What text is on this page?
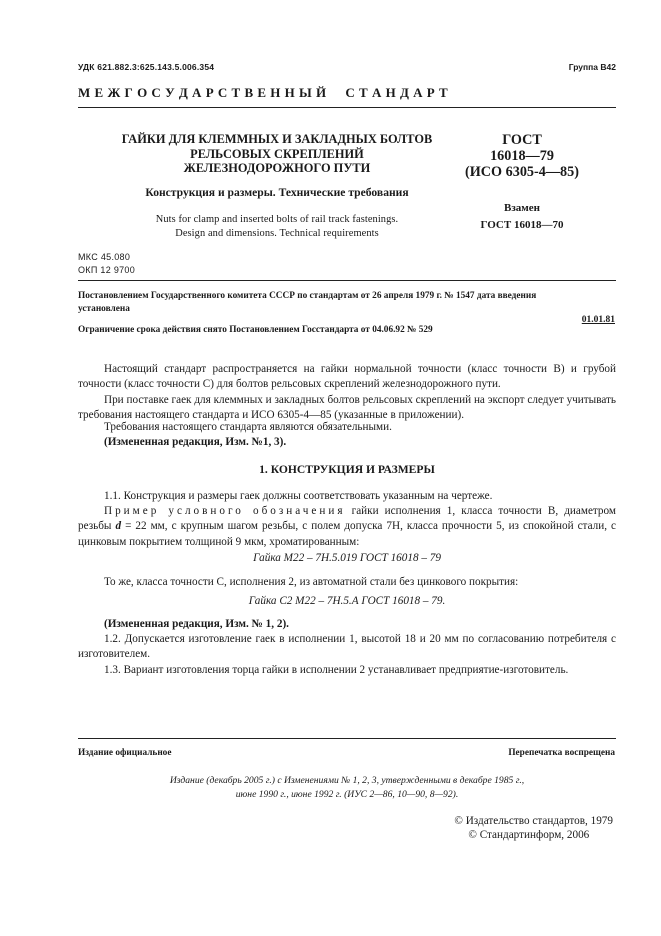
УДК 621.882.3:625.143.5.006.354	Группа В42
М Е Ж Г О С У Д А Р С Т В Е Н Н Ы Й     С Т А Н Д А Р Т
ГАЙКИ ДЛЯ КЛЕММНЫХ И ЗАКЛАДНЫХ БОЛТОВ
РЕЛЬСОВЫХ СКРЕПЛЕНИЙ
ЖЕЛЕЗНОДОРОЖНОГО ПУТИ
Конструкция и размеры. Технические требования
Nuts for clamp and inserted bolts of rail track fastenings.
Design and dimensions. Technical requirements
ГОСТ
16018—79
(ИСО 6305-4—85)
Взамен
ГОСТ 16018—70
МКС 45.080
ОКП 12 9700
Постановлением Государственного комитета СССР по стандартам от 26 апреля 1979 г. № 1547 дата введения
установлена
01.01.81
Ограничение срока действия снято Постановлением Госстандарта от 04.06.92 № 529
Настоящий стандарт распространяется на гайки нормальной точности (класс точности В) и грубой точности (класс точности С) для болтов рельсовых скреплений железнодорожного пути.
При поставке гаек для клеммных и закладных болтов рельсовых скреплений на экспорт следует учитывать требования настоящего стандарта и ИСО 6305-4—85 (указанные в приложении).
Требования настоящего стандарта являются обязательными.
(Измененная редакция, Изм. №1, 3).
1. КОНСТРУКЦИЯ И РАЗМЕРЫ
1.1. Конструкция и размеры гаек должны соответствовать указанным на чертеже.
Пример условного обозначения гайки исполнения 1, класса точности В, диаметром резьбы d = 22 мм, с крупным шагом резьбы, с полем допуска 7Н, класса прочности 5, из спокойной стали, с цинковым покрытием толщиной 9 мкм, хроматированным:
Гайка М22 – 7Н.5.019 ГОСТ 16018 – 79
То же, класса точности С, исполнения 2, из автоматной стали без цинкового покрытия:
Гайка С2 М22 – 7Н.5.А ГОСТ 16018 – 79.
(Измененная редакция, Изм. № 1, 2).
1.2. Допускается изготовление гаек в исполнении 1, высотой 18 и 20 мм по согласованию потребителя с изготовителем.
1.3. Вариант изготовления торца гайки в исполнении 2 устанавливает предприятие-изготовитель.
Издание официальное	Перепечатка воспрещена
Издание (декабрь 2005 г.) с Изменениями № 1, 2, 3, утвержденными в декабре 1985 г.,
июне 1990 г., июне 1992 г. (ИУС 2—86, 10—90, 8—92).
© Издательство стандартов, 1979
© Стандартинформ, 2006
